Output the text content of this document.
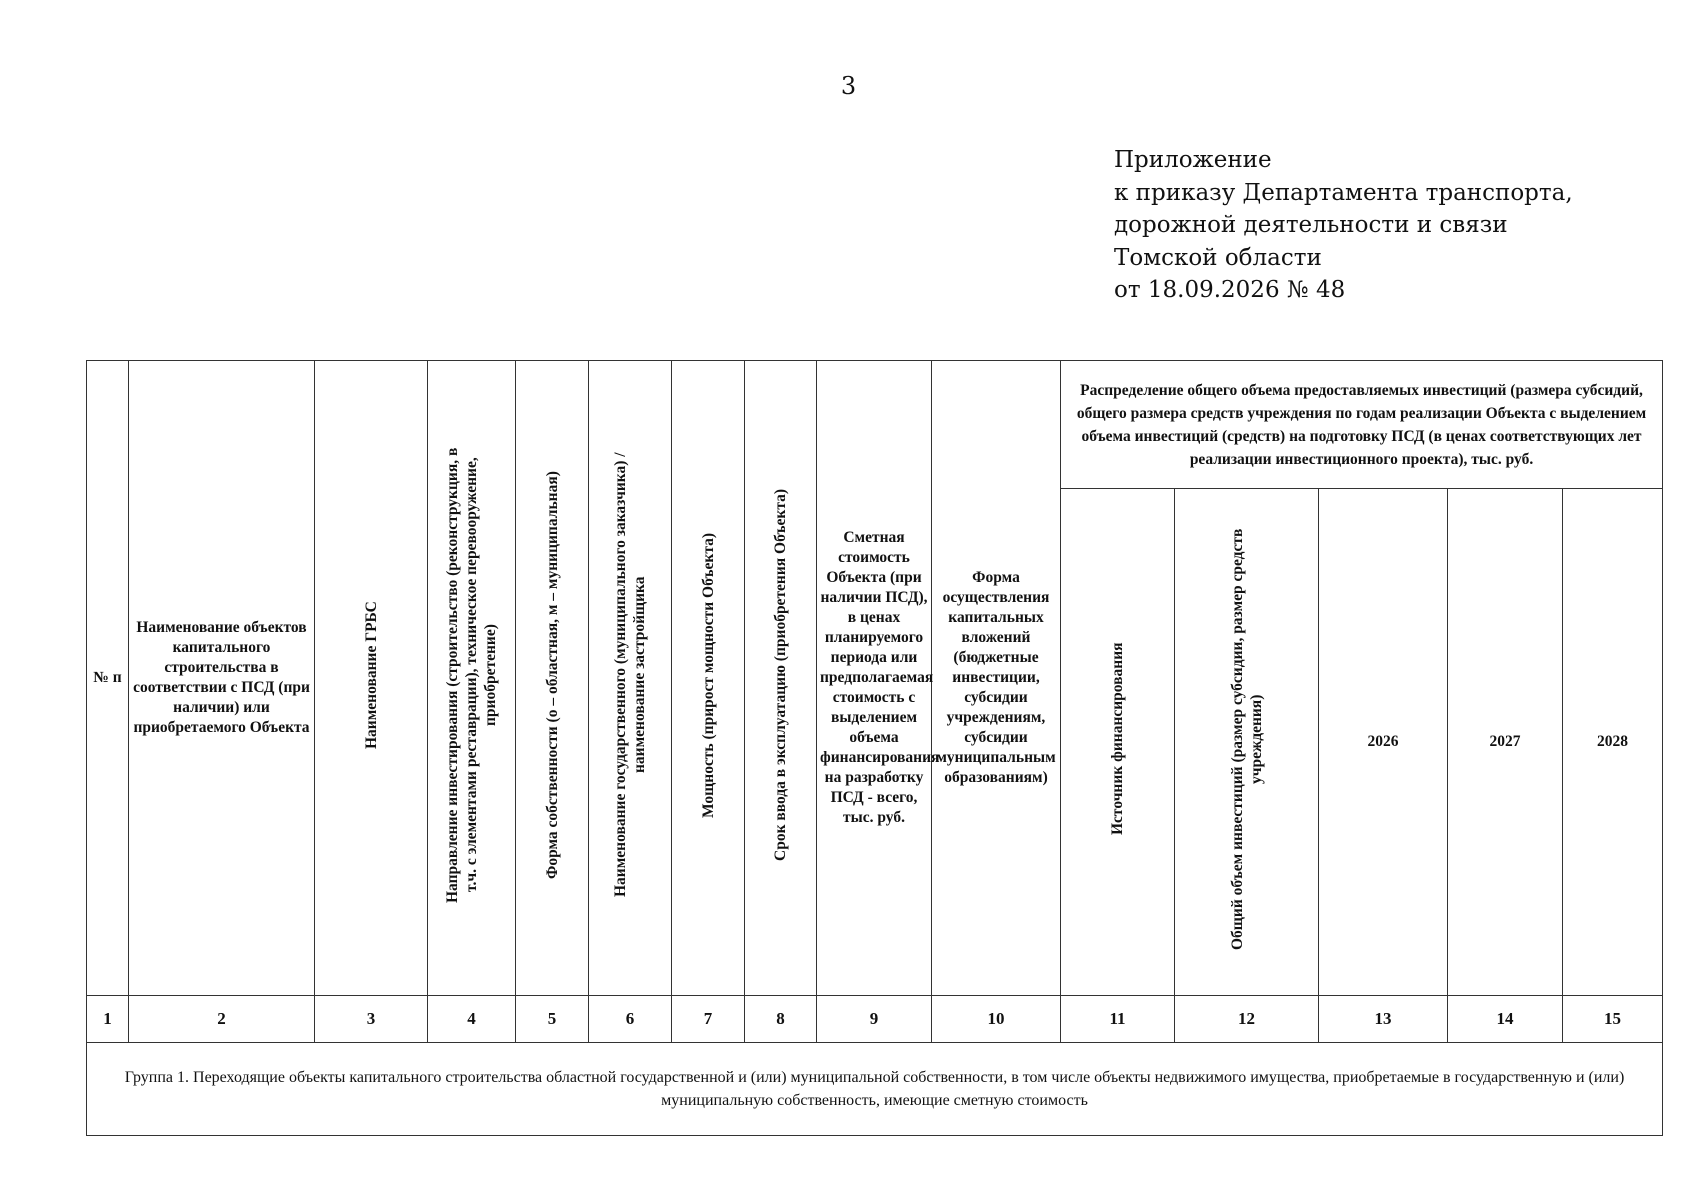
3
Приложение
к приказу Департамента транспорта,
дорожной деятельности и связи
Томской области
от 18.09.2026 № 48
№ п	Наименование объектов капитального строительства в соответствии с ПСД (при наличии) или приобретаемого Объекта	Наименование ГРБС	Направление инвестирования (строительство (реконструкция, в т.ч. с элементами реставрации), техническое перевооружение, приобретение)	Форма собственности (о – областная, м – муниципальная)	Наименование государственного (муниципального заказчика) / наименование застройщика	Мощность (прирост мощности Объекта)	Срок ввода в эксплуатацию (приобретения Объекта)	Сметная стоимость Объекта (при наличии ПСД), в ценах планируемого периода или предполагаемая стоимость с выделением объема финансирования на разработку ПСД - всего, тыс. руб.	Форма осуществления капитальных вложений (бюджетные инвестиции, субсидии учреждениям, субсидии муниципальным образованиям)	Распределение общего объема предоставляемых инвестиций (размера субсидий, общего размера средств учреждения по годам реализации Объекта с выделением объема инвестиций (средств) на подготовку ПСД (в ценах соответствующих лет реализации инвестиционного проекта), тыс. руб.				

										Источник финансирования	Общий объем инвестиций (размер субсидии, размер средств учреждения)	2026	2027	2028
1	2	3	4	5	6	7	8	9	10	11	12	13	14	15
Группа 1. Переходящие объекты капитального строительства областной государственной и (или) муниципальной собственности, в том числе объекты недвижимого имущества, приобретаемые в государственную и (или) муниципальную собственность, имеющие сметную стоимость														
